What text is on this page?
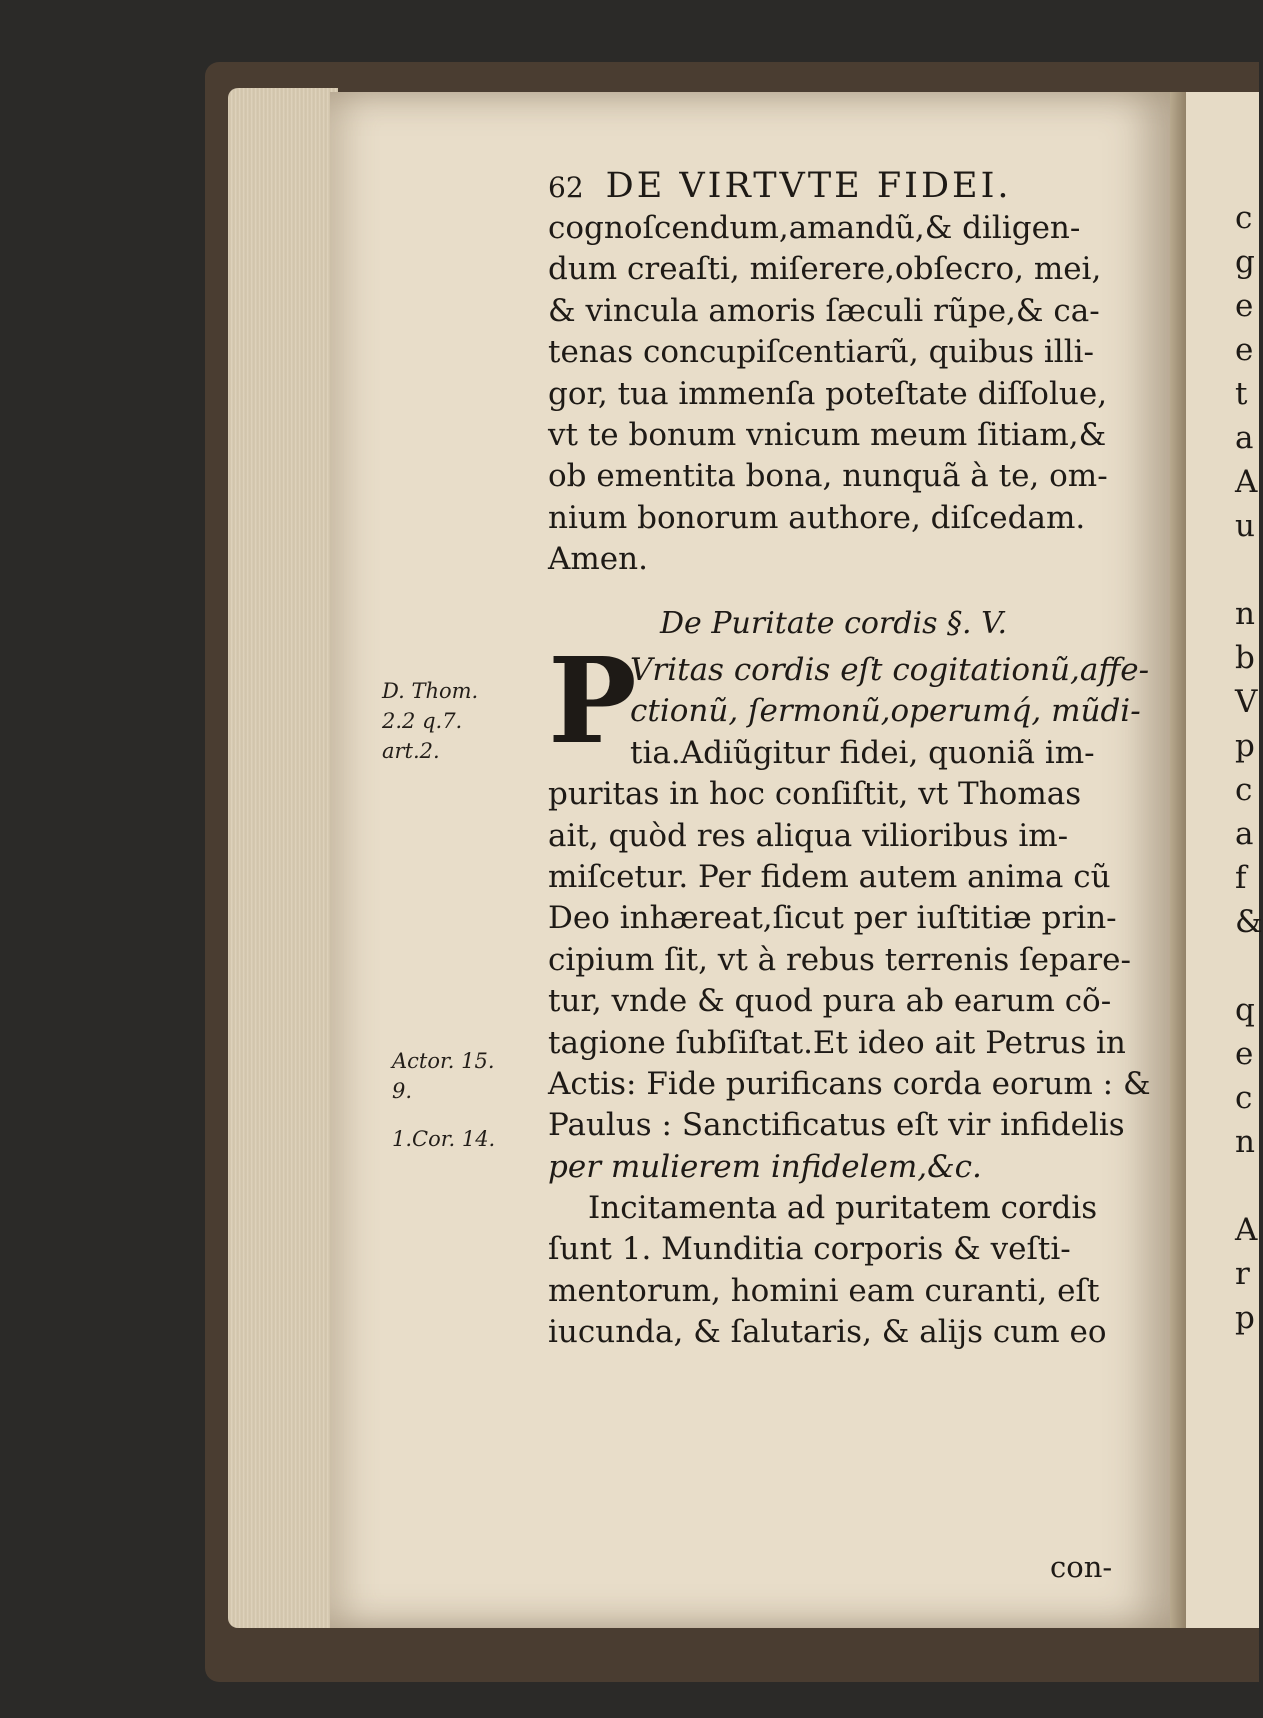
62 DE VIRTVTE FIDEI.
cognoſcendum,amandũ,& diligen-
dum creaſti, miſerere,obſecro, mei,
& vincula amoris ſæculi rũpe,& ca-
tenas concupiſcentiarũ, quibus illi-
gor, tua immenſa poteſtate diſſolue,
vt te bonum vnicum meum ſitiam,&
ob ementita bona, nunquã à te, om-
nium bonorum authore, diſcedam.
Amen.
De Puritate cordis §. V.
P
Vritas cordis eſt cogitationũ,affe-
ctionũ, ſermonũ,operumq́, mũdi-
tia.Adiũgitur fidei, quoniã im-
puritas in hoc conſiſtit, vt Thomas
ait, quòd res aliqua vilioribus im-
miſcetur. Per fidem autem anima cũ
Deo inhæreat,ſicut per iuſtitiæ prin-
cipium ſit, vt à rebus terrenis ſepare-
tur, vnde & quod pura ab earum cõ-
tagione ſubſiſtat.Et ideo ait Petrus in
Actis: Fide purificans corda eorum : &
Paulus : Sanctificatus eſt vir infidelis
per mulierem infidelem,&c.
Incitamenta ad puritatem cordis
ſunt 1. Munditia corporis & veſti-
mentorum, homini eam curanti, eſt
iucunda, & ſalutaris, & alijs cum eo
con-
D. Thom.
2.2 q.7.
art.2.
Actor. 15.
9.
1.Cor. 14.
c
g
e
e
t
a
A
u
n
b
V
p
c
a
f
&
q
e
c
n
A
r
p
